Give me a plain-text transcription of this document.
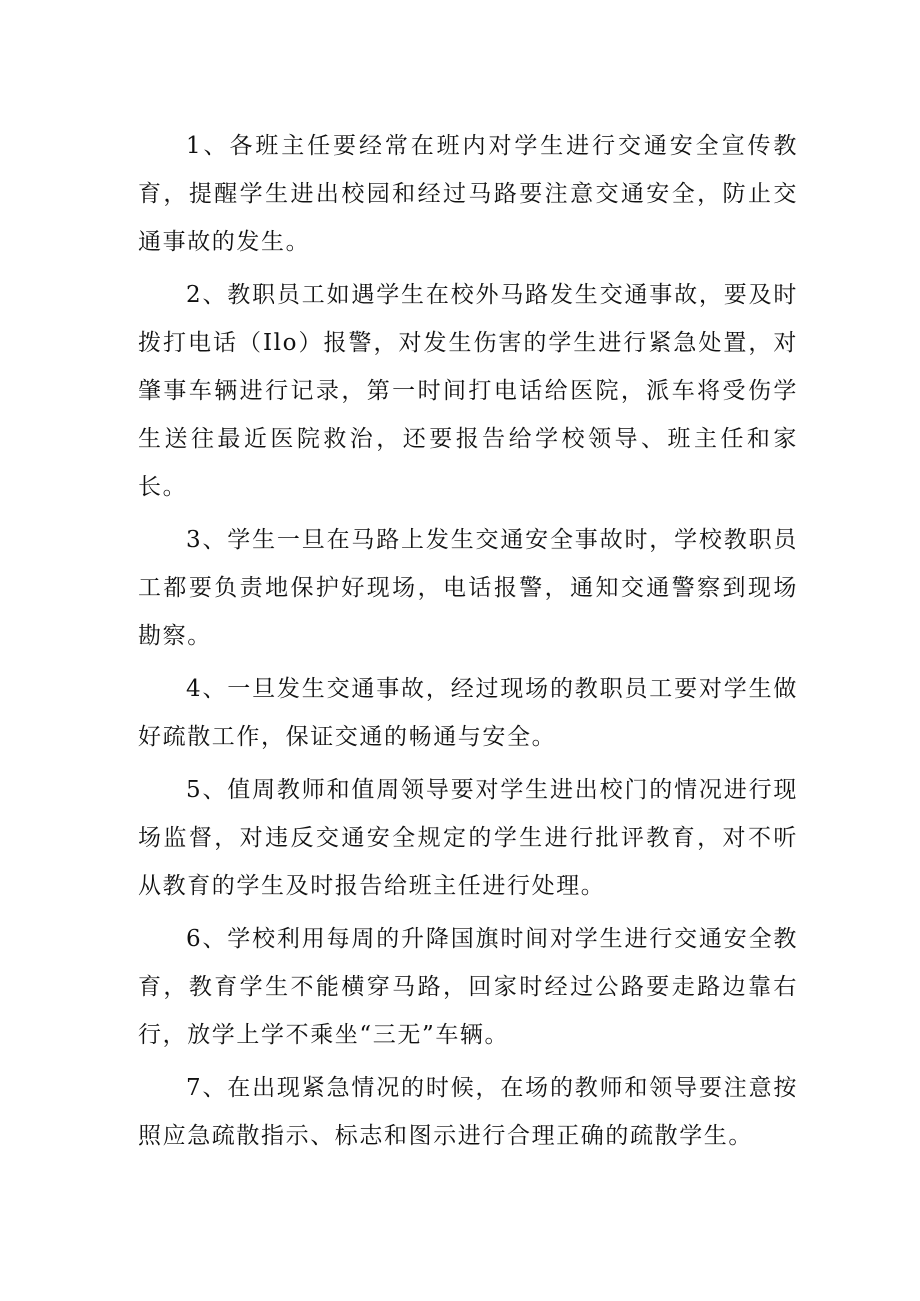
1、各班主任要经常在班内对学生进行交通安全宣传教育，提醒学生进出校园和经过马路要注意交通安全，防止交通事故的发生。

2、教职员工如遇学生在校外马路发生交通事故，要及时拨打电话（Ilo）报警，对发生伤害的学生进行紧急处置，对肇事车辆进行记录，第一时间打电话给医院，派车将受伤学生送往最近医院救治，还要报告给学校领导、班主任和家长。

3、学生一旦在马路上发生交通安全事故时，学校教职员工都要负责地保护好现场，电话报警，通知交通警察到现场勘察。

4、一旦发生交通事故，经过现场的教职员工要对学生做好疏散工作，保证交通的畅通与安全。

5、值周教师和值周领导要对学生进出校门的情况进行现场监督，对违反交通安全规定的学生进行批评教育，对不听从教育的学生及时报告给班主任进行处理。

6、学校利用每周的升降国旗时间对学生进行交通安全教育，教育学生不能横穿马路，回家时经过公路要走路边靠右行，放学上学不乘坐“三无”车辆。

7、在出现紧急情况的时候，在场的教师和领导要注意按照应急疏散指示、标志和图示进行合理正确的疏散学生。
